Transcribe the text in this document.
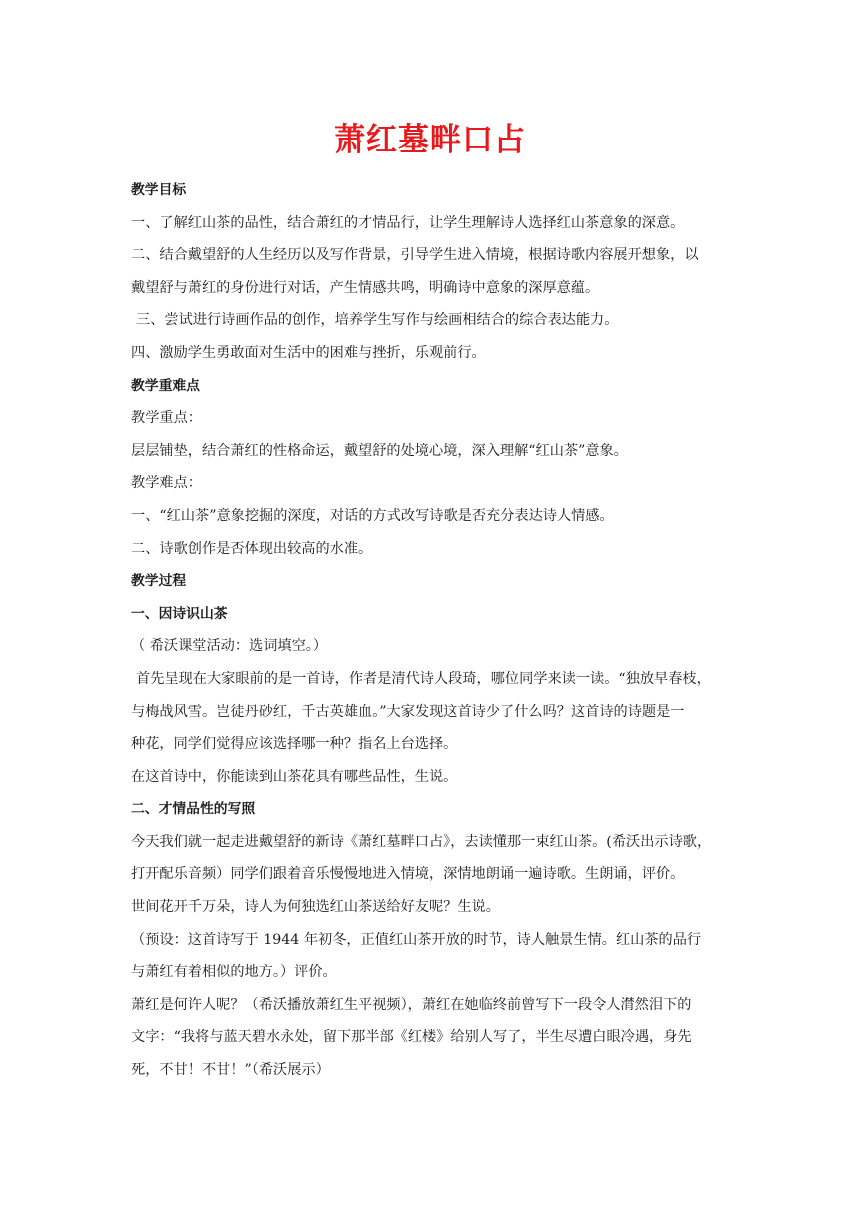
萧红墓畔口占

教学目标

一、了解红山茶的品性，结合萧红的才情品行，让学生理解诗人选择红山茶意象的深意。

二、结合戴望舒的人生经历以及写作背景，引导学生进入情境，根据诗歌内容展开想象，以

戴望舒与萧红的身份进行对话，产生情感共鸣，明确诗中意象的深厚意蕴。

三、尝试进行诗画作品的创作，培养学生写作与绘画相结合的综合表达能力。

四、激励学生勇敢面对生活中的困难与挫折，乐观前行。

教学重难点

教学重点：

层层铺垫，结合萧红的性格命运，戴望舒的处境心境，深入理解“红山茶”意象。

教学难点：

一、“红山茶”意象挖掘的深度，对话的方式改写诗歌是否充分表达诗人情感。

二、诗歌创作是否体现出较高的水准。

教学过程

一、因诗识山茶

（ 希沃课堂活动：选词填空。）

首先呈现在大家眼前的是一首诗，作者是清代诗人段琦，哪位同学来读一读。“独放早春枝，

与梅战风雪。岂徒丹砂红，千古英雄血。”大家发现这首诗少了什么吗？这首诗的诗题是一

种花，同学们觉得应该选择哪一种？指名上台选择。

在这首诗中，你能读到山茶花具有哪些品性，生说。

二、才情品性的写照

今天我们就一起走进戴望舒的新诗《萧红墓畔口占》，去读懂那一束红山茶。(希沃出示诗歌，

打开配乐音频）同学们跟着音乐慢慢地进入情境，深情地朗诵一遍诗歌。生朗诵，评价。

世间花开千万朵，诗人为何独选红山茶送给好友呢？生说。

（预设：这首诗写于 1944 年初冬，正值红山茶开放的时节，诗人触景生情。红山茶的品行

与萧红有着相似的地方。）评价。

萧红是何许人呢？（希沃播放萧红生平视频），萧红在她临终前曾写下一段令人潸然泪下的

文字：“我将与蓝天碧水永处，留下那半部《红楼》给别人写了，半生尽遭白眼冷遇，身先

死，不甘！不甘！”（希沃展示）
